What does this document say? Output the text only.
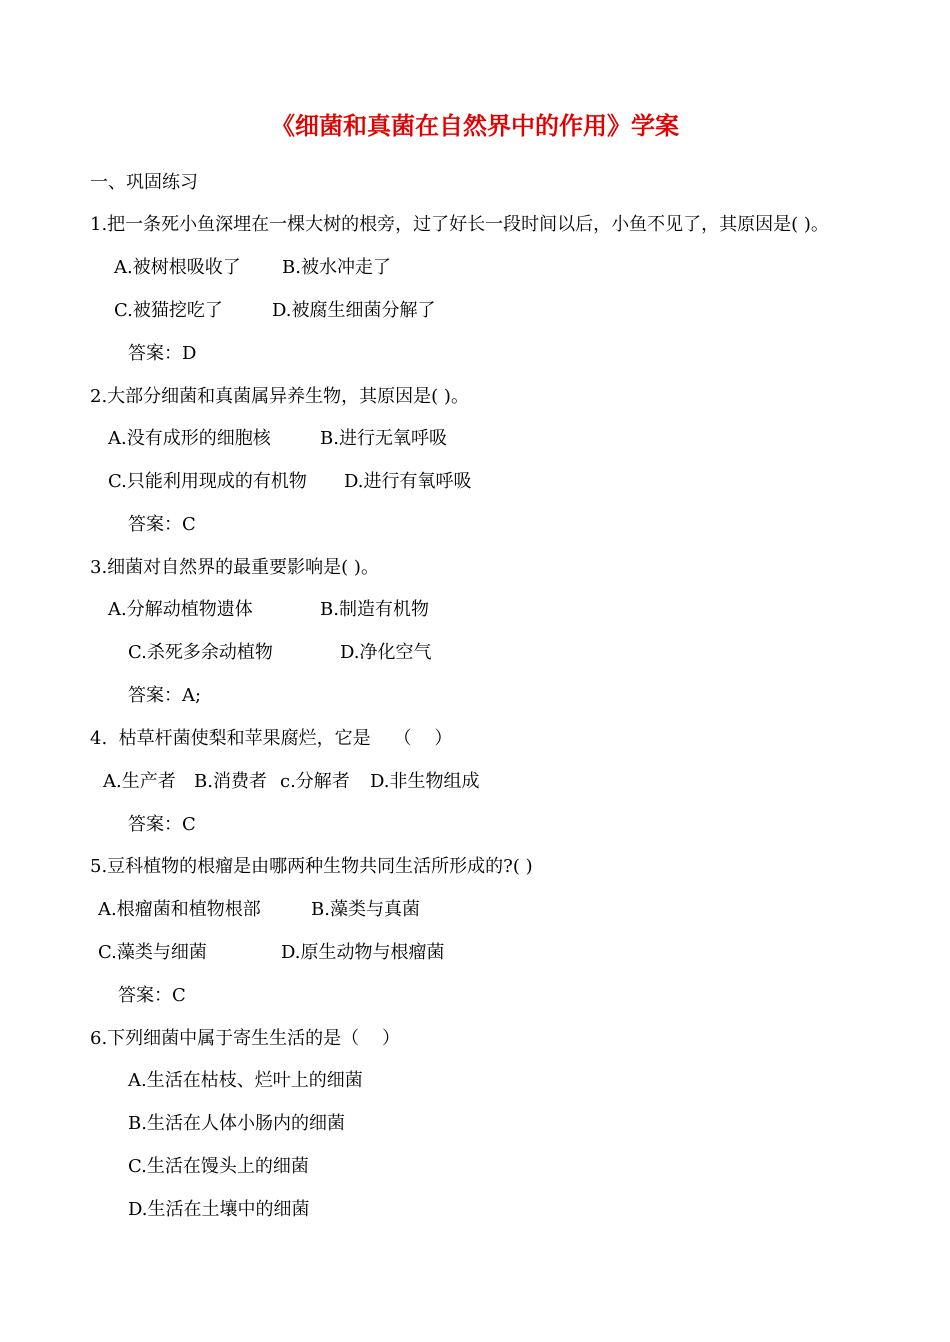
《细菌和真菌在自然界中的作用》学案
一、巩固练习
1.把一条死小鱼深埋在一棵大树的根旁，过了好长一段时间以后，小鱼不见了，其原因是( )。
A.被树根吸收了 B.被水冲走了
C.被猫挖吃了	D.被腐生细菌分解了
答案：D
2.大部分细菌和真菌属异养生物，其原因是( )。
A.没有成形的细胞核	B.进行无氧呼吸
C.只能利用现成的有机物 D.进行有氧呼吸
答案：C
3.细菌对自然界的最重要影响是( )。
A.分解动植物遗体	B.制造有机物
C.杀死多余动植物	D.净化空气
答案：A;
4.  枯草杆菌使梨和苹果腐烂，它是    （    ）
A.生产者 B.消费者 c.分解者 D.非生物组成
答案：C
5.豆科植物的根瘤是由哪两种生物共同生活所形成的?( )
A.根瘤菌和植物根部	B.藻类与真菌
C.藻类与细菌	D.原生动物与根瘤菌
答案：C
6.下列细菌中属于寄生生活的是（    ）
A.生活在枯枝、烂叶上的细菌
B.生活在人体小肠内的细菌
C.生活在馒头上的细菌
D.生活在土壤中的细菌
